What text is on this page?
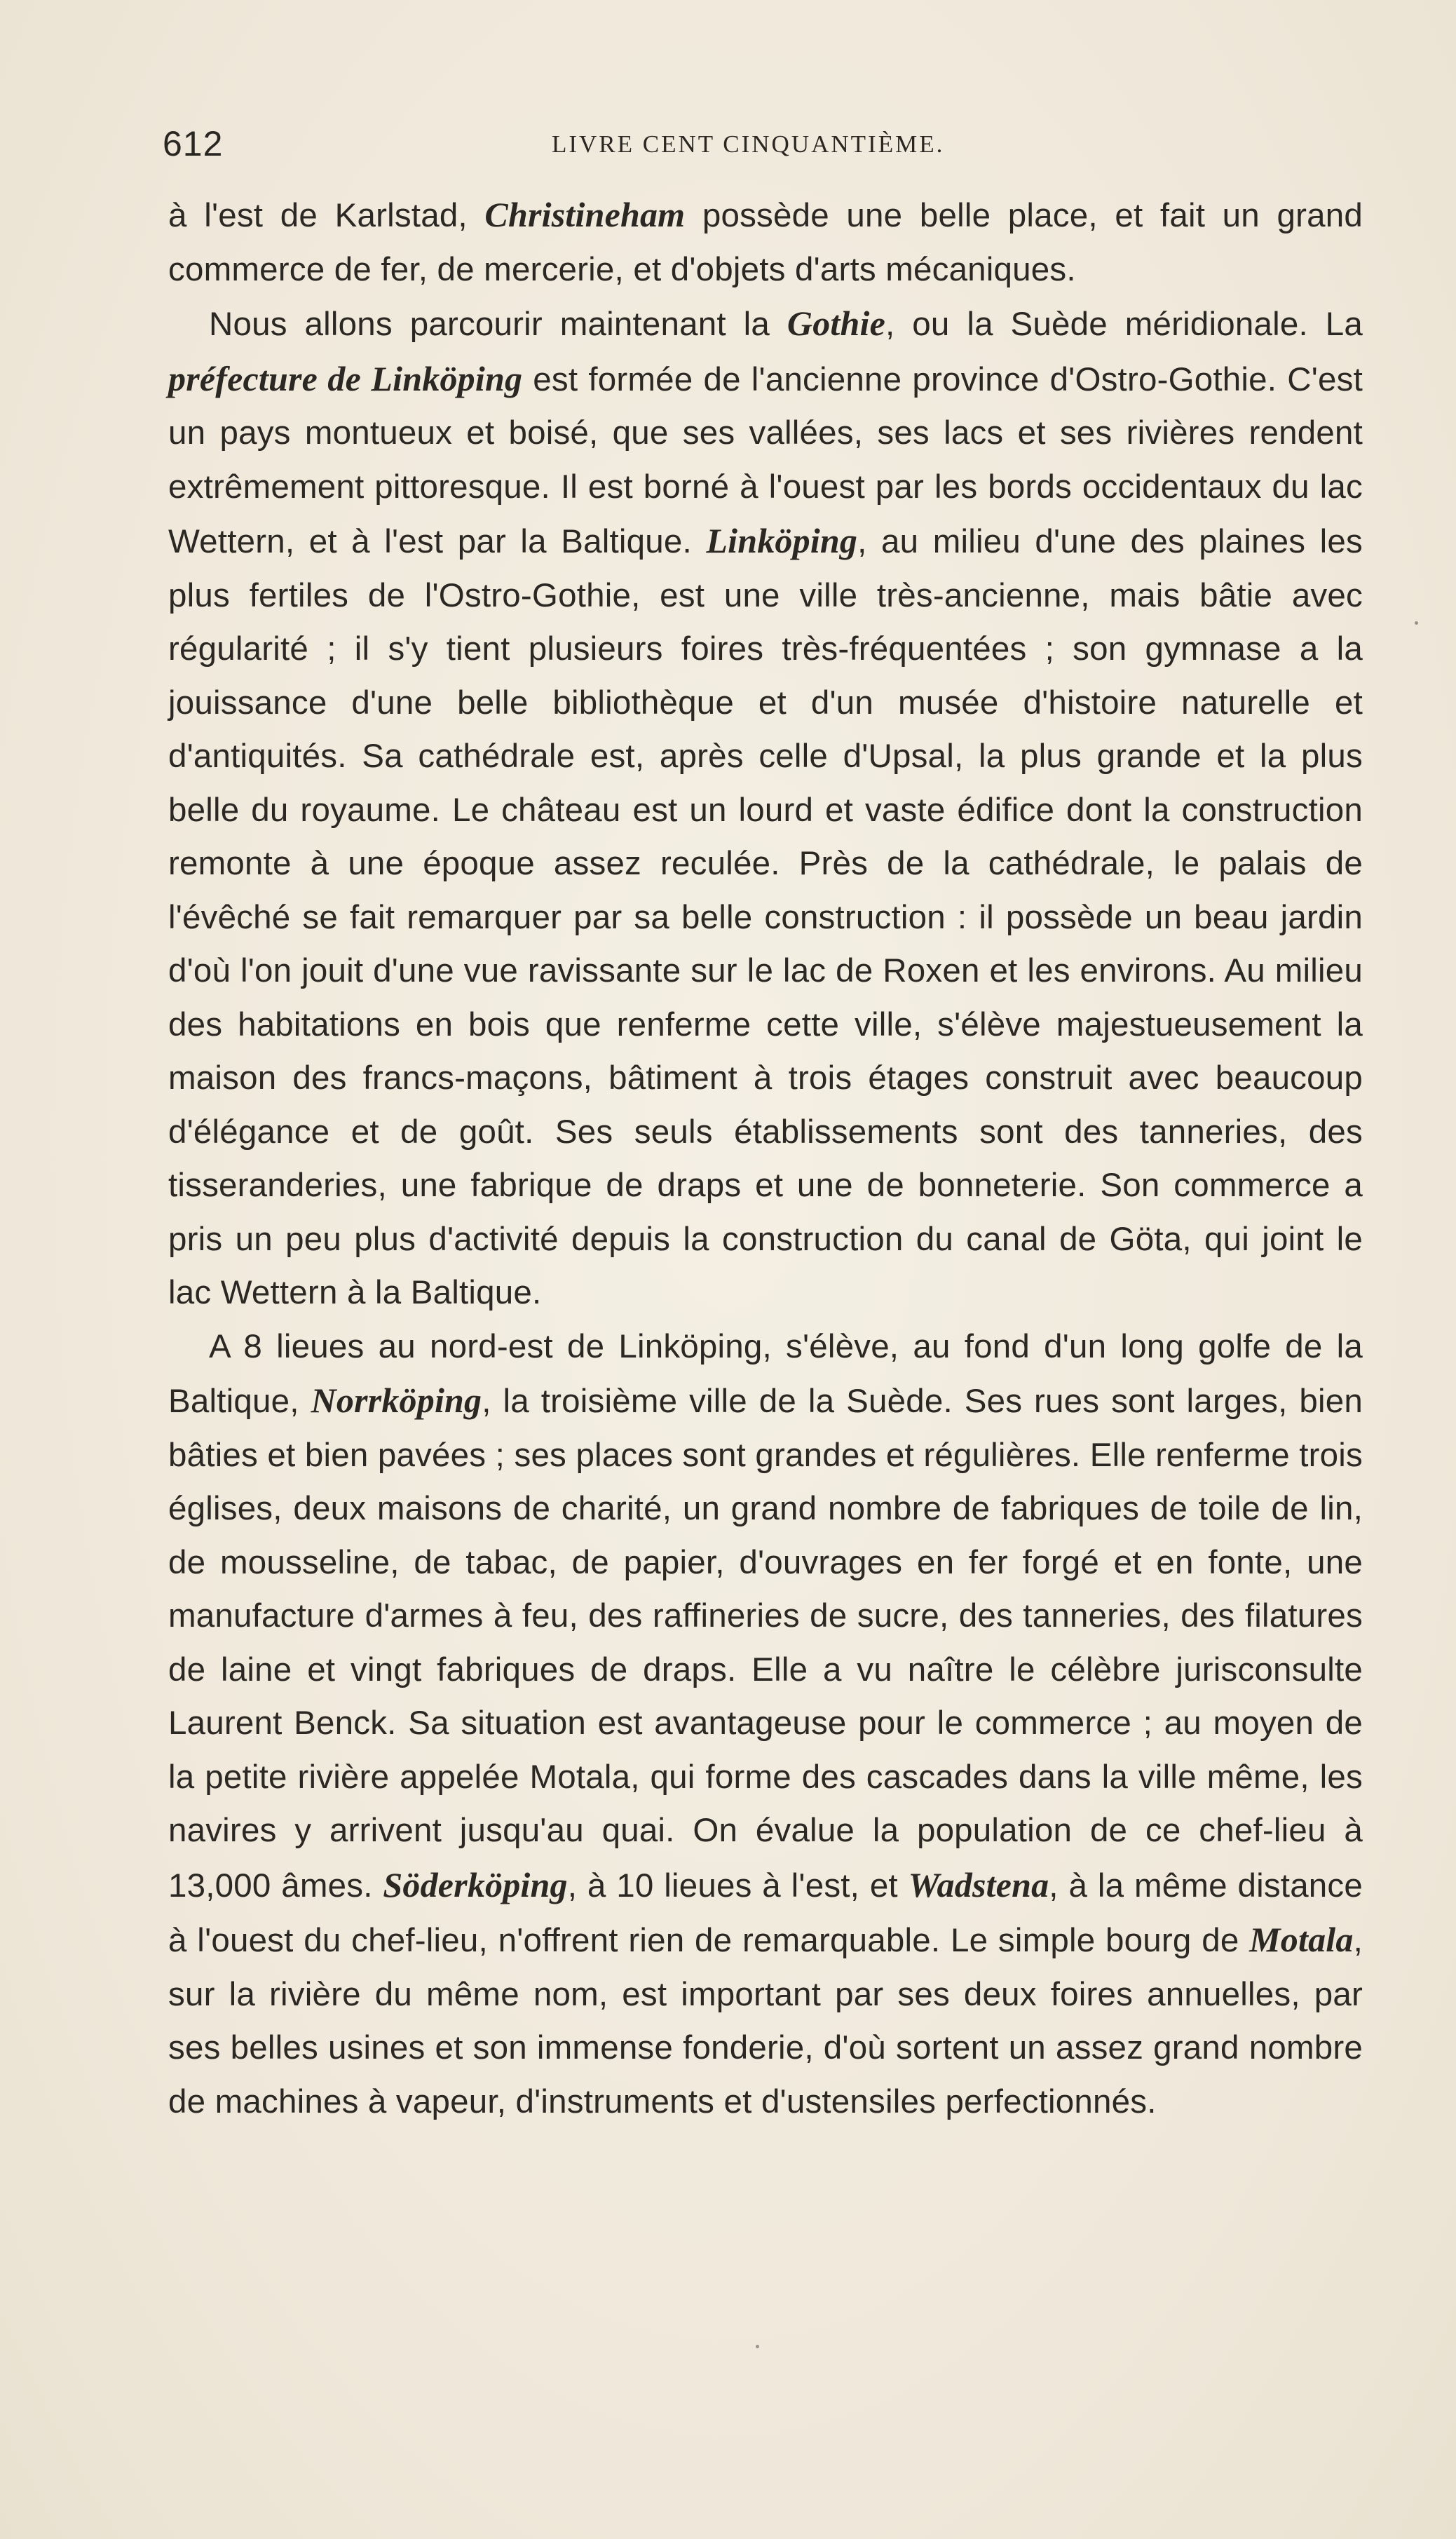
612	LIVRE CENT CINQUANTIÈME.

à l'est de Karlstad, Christineham possède une belle place, et fait un grand commerce de fer, de mercerie, et d'objets d'arts mécaniques.

Nous allons parcourir maintenant la Gothie, ou la Suède méridionale. La préfecture de Linköping est formée de l'ancienne province d'Ostro-Gothie. C'est un pays montueux et boisé, que ses vallées, ses lacs et ses rivières rendent extrêmement pittoresque. Il est borné à l'ouest par les bords occidentaux du lac Wettern, et à l'est par la Baltique. Linköping, au milieu d'une des plaines les plus fertiles de l'Ostro-Gothie, est une ville très-ancienne, mais bâtie avec régularité ; il s'y tient plusieurs foires très-fréquentées ; son gymnase a la jouissance d'une belle bibliothèque et d'un musée d'histoire naturelle et d'antiquités. Sa cathédrale est, après celle d'Upsal, la plus grande et la plus belle du royaume. Le château est un lourd et vaste édifice dont la construction remonte à une époque assez reculée. Près de la cathédrale, le palais de l'évêché se fait remarquer par sa belle construction : il possède un beau jardin d'où l'on jouit d'une vue ravissante sur le lac de Roxen et les environs. Au milieu des habitations en bois que renferme cette ville, s'élève majestueusement la maison des francs-maçons, bâtiment à trois étages construit avec beaucoup d'élégance et de goût. Ses seuls établissements sont des tanneries, des tisseranderies, une fabrique de draps et une de bonneterie. Son commerce a pris un peu plus d'activité depuis la construction du canal de Göta, qui joint le lac Wettern à la Baltique.

A 8 lieues au nord-est de Linköping, s'élève, au fond d'un long golfe de la Baltique, Norrköping, la troisième ville de la Suède. Ses rues sont larges, bien bâties et bien pavées ; ses places sont grandes et régulières. Elle renferme trois églises, deux maisons de charité, un grand nombre de fabriques de toile de lin, de mousseline, de tabac, de papier, d'ouvrages en fer forgé et en fonte, une manufacture d'armes à feu, des raffineries de sucre, des tanneries, des filatures de laine et vingt fabriques de draps. Elle a vu naître le célèbre jurisconsulte Laurent Benck. Sa situation est avantageuse pour le commerce ; au moyen de la petite rivière appelée Motala, qui forme des cascades dans la ville même, les navires y arrivent jusqu'au quai. On évalue la population de ce chef-lieu à 13,000 âmes. Söderköping, à 10 lieues à l'est, et Wadstena, à la même distance à l'ouest du chef-lieu, n'offrent rien de remarquable. Le simple bourg de Motala, sur la rivière du même nom, est important par ses deux foires annuelles, par ses belles usines et son immense fonderie, d'où sortent un assez grand nombre de machines à vapeur, d'instruments et d'ustensiles perfectionnés.
